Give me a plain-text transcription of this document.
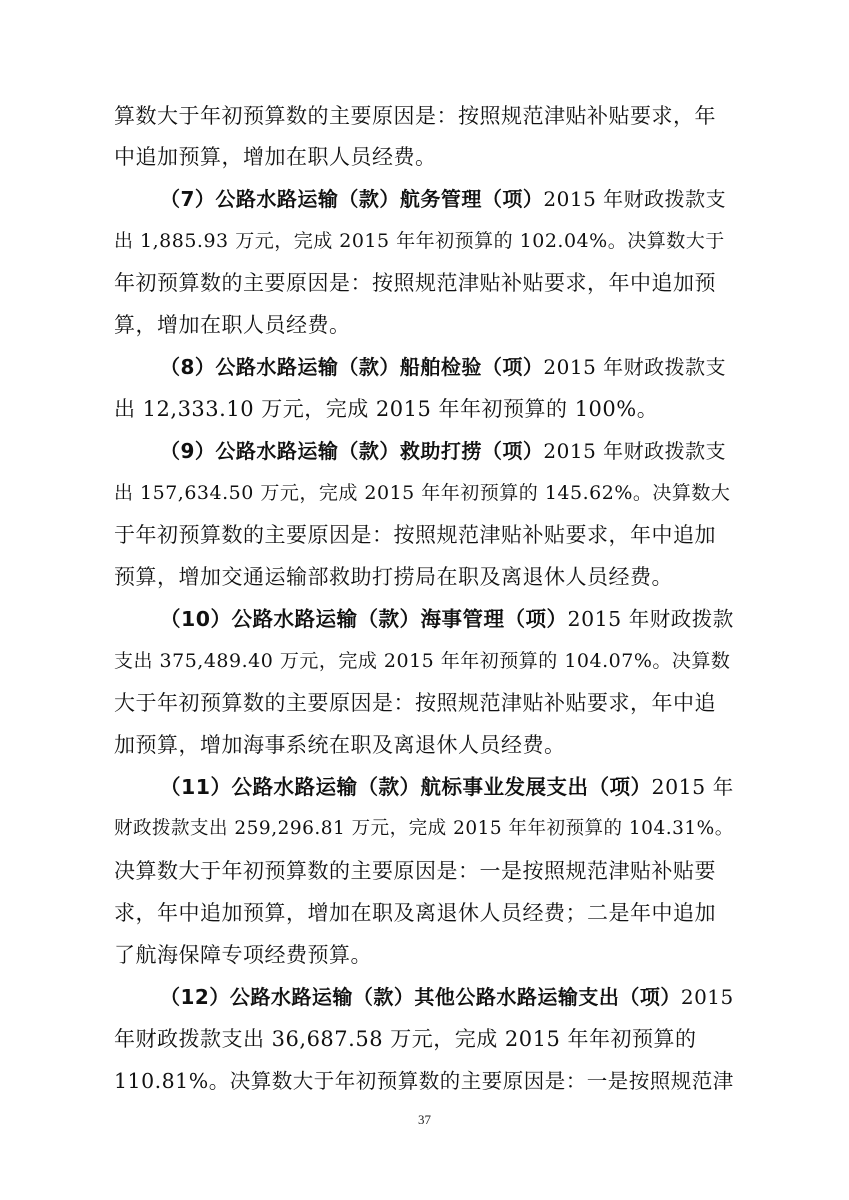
算数大于年初预算数的主要原因是：按照规范津贴补贴要求，年
中追加预算，增加在职人员经费。
（7）公路水路运输（款）航务管理（项）2015 年财政拨款支
出 1,885.93 万元，完成 2015 年年初预算的 102.04%。决算数大于
年初预算数的主要原因是：按照规范津贴补贴要求，年中追加预
算，增加在职人员经费。
（8）公路水路运输（款）船舶检验（项）2015 年财政拨款支
出 12,333.10 万元，完成 2015 年年初预算的 100%。
（9）公路水路运输（款）救助打捞（项）2015 年财政拨款支
出 157,634.50 万元，完成 2015 年年初预算的 145.62%。决算数大
于年初预算数的主要原因是：按照规范津贴补贴要求，年中追加
预算，增加交通运输部救助打捞局在职及离退休人员经费。
（10）公路水路运输（款）海事管理（项）2015 年财政拨款
支出 375,489.40 万元，完成 2015 年年初预算的 104.07%。决算数
大于年初预算数的主要原因是：按照规范津贴补贴要求，年中追
加预算，增加海事系统在职及离退休人员经费。
（11）公路水路运输（款）航标事业发展支出（项）2015 年
财政拨款支出 259,296.81 万元，完成 2015 年年初预算的 104.31%。
决算数大于年初预算数的主要原因是：一是按照规范津贴补贴要
求，年中追加预算，增加在职及离退休人员经费；二是年中追加
了航海保障专项经费预算。
（12）公路水路运输（款）其他公路水路运输支出（项）2015
年财政拨款支出 36,687.58 万元，完成 2015 年年初预算的
110.81%。决算数大于年初预算数的主要原因是：一是按照规范津
37
